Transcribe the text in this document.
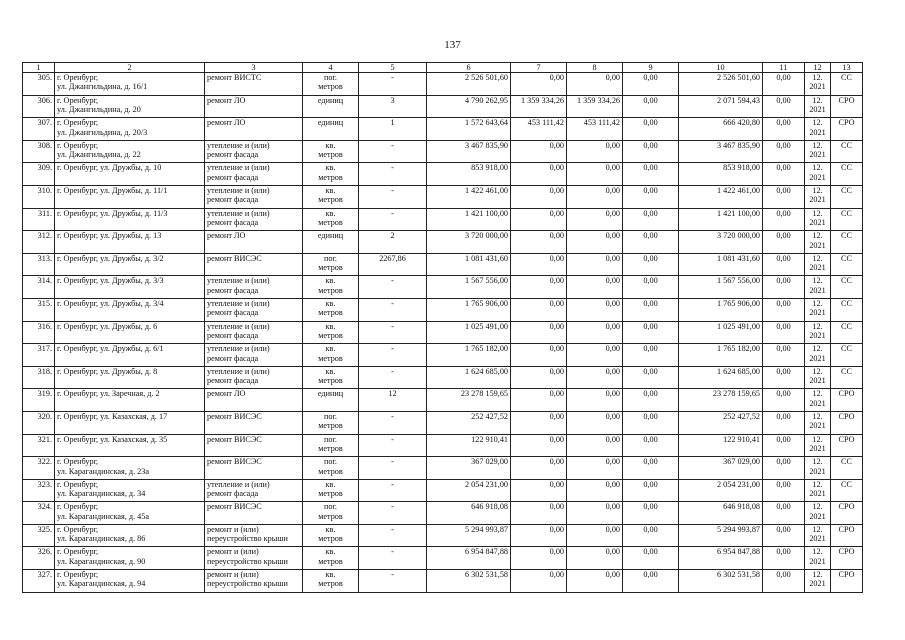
137
1	2	3	4	5	6	7	8	9	10	11	12	13
305.	г. Оренбург,
ул. Джангильдина, д. 16/1	ремонт ВИСТС	пог.
метров	-	2 526 501,60	0,00	0,00	0,00	2 526 501,60	0,00	12.
2021	СС
306.	г. Оренбург,
ул. Джангильдина, д. 20	ремонт ЛО	единиц	3	4 790 262,95	1 359 334,26	1 359 334,26	0,00	2 071 594,43	0,00	12.
2021	СРО
307.	г. Оренбург,
ул. Джангильдина, д. 20/3	ремонт ЛО	единиц	1	1 572 643,64	453 111,42	453 111,42	0,00	666 420,80	0,00	12.
2021	СРО
308.	г. Оренбург,
ул. Джангильдина, д. 22	утепление и (или)
ремонт фасада	кв.
метров	-	3 467 835,90	0,00	0,00	0,00	3 467 835,90	0,00	12.
2021	СС
309.	г. Оренбург, ул. Дружбы, д. 10	утепление и (или)
ремонт фасада	кв.
метров	-	853 918,00	0,00	0,00	0,00	853 918,00	0,00	12.
2021	СС
310.	г. Оренбург, ул. Дружбы, д. 11/1	утепление и (или)
ремонт фасада	кв.
метров	-	1 422 461,00	0,00	0,00	0,00	1 422 461,00	0,00	12.
2021	СС
311.	г. Оренбург, ул. Дружбы, д. 11/3	утепление и (или)
ремонт фасада	кв.
метров	-	1 421 100,00	0,00	0,00	0,00	1 421 100,00	0,00	12.
2021	СС
312.	г. Оренбург, ул. Дружбы, д. 13	ремонт ЛО	единиц	2	3 720 000,00	0,00	0,00	0,00	3 720 000,00	0,00	12.
2021	СС
313.	г. Оренбург, ул. Дружбы, д. 3/2	ремонт ВИСЭС	пог.
метров	2267,86	1 081 431,60	0,00	0,00	0,00	1 081 431,60	0,00	12.
2021	СС
314.	г. Оренбург, ул. Дружбы, д. 3/3	утепление и (или)
ремонт фасада	кв.
метров	-	1 567 556,00	0,00	0,00	0,00	1 567 556,00	0,00	12.
2021	СС
315.	г. Оренбург, ул. Дружбы, д. 3/4	утепление и (или)
ремонт фасада	кв.
метров	-	1 765 906,00	0,00	0,00	0,00	1 765 906,00	0,00	12.
2021	СС
316.	г. Оренбург, ул. Дружбы, д. 6	утепление и (или)
ремонт фасада	кв.
метров	-	1 025 491,00	0,00	0,00	0,00	1 025 491,00	0,00	12.
2021	СС
317.	г. Оренбург, ул. Дружбы, д. 6/1	утепление и (или)
ремонт фасада	кв.
метров	-	1 765 182,00	0,00	0,00	0,00	1 765 182,00	0,00	12.
2021	СС
318.	г. Оренбург, ул. Дружбы, д. 8	утепление и (или)
ремонт фасада	кв.
метров	-	1 624 685,00	0,00	0,00	0,00	1 624 685,00	0,00	12.
2021	СС
319.	г. Оренбург, ул. Заречная, д. 2	ремонт ЛО	единиц	12	23 278 159,65	0,00	0,00	0,00	23 278 159,65	0,00	12.
2021	СРО
320.	г. Оренбург, ул. Казахская, д. 17	ремонт ВИСЭС	пог.
метров	-	252 427,52	0,00	0,00	0,00	252 427,52	0,00	12.
2021	СРО
321.	г. Оренбург, ул. Казахская, д. 35	ремонт ВИСЭС	пог.
метров	-	122 910,41	0,00	0,00	0,00	122 910,41	0,00	12.
2021	СРО
322.	г. Оренбург,
ул. Карагандинская, д. 23а	ремонт ВИСЭС	пог.
метров	-	367 029,00	0,00	0,00	0,00	367 029,00	0,00	12.
2021	СС
323.	г. Оренбург,
ул. Карагандинская, д. 34	утепление и (или)
ремонт фасада	кв.
метров	-	2 054 231,00	0,00	0,00	0,00	2 054 231,00	0,00	12.
2021	СС
324.	г. Оренбург,
ул. Карагандинская, д. 45а	ремонт ВИСЭС	пог.
метров	-	646 918,08	0,00	0,00	0,00	646 918,08	0,00	12.
2021	СРО
325.	г. Оренбург,
ул. Карагандинская, д. 86	ремонт и (или)
переустройство крыши	кв.
метров	-	5 294 993,87	0,00	0,00	0,00	5 294 993,87	0,00	12.
2021	СРО
326.	г. Оренбург,
ул. Карагандинская, д. 90	ремонт и (или)
переустройство крыши	кв.
метров	-	6 954 847,88	0,00	0,00	0,00	6 954 847,88	0,00	12.
2021	СРО
327.	г. Оренбург,
ул. Карагандинская, д. 94	ремонт и (или)
переустройство крыши	кв.
метров	-	6 302 531,58	0,00	0,00	0,00	6 302 531,58	0,00	12.
2021	СРО
